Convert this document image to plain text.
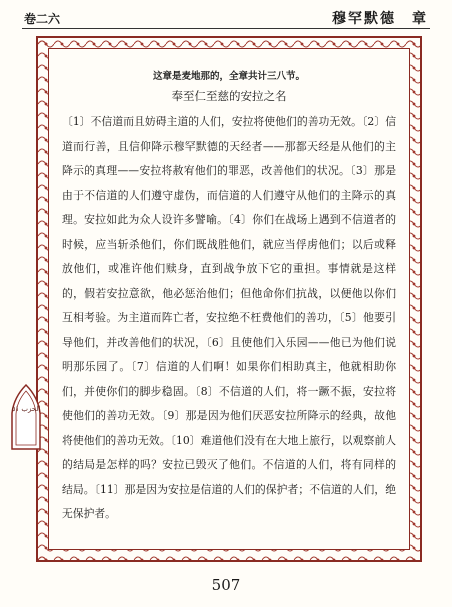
卷二六	穆罕默德　章
الحزب ٥١
这章是麦地那的，全章共计三八节。
奉至仁至慈的安拉之名
〔1〕不信道而且妨碍主道的人们，安拉将使他们的善功无效。〔2〕信道而行善，且信仰降示穆罕默德的天经者——那都天经是从他们的主降示的真理——安拉将赦宥他们的罪恶，改善他们的状况。〔3〕那是由于不信道的人们遵守虚伪，而信道的人们遵守从他们的主降示的真理。安拉如此为众人设许多譬喻。〔4〕你们在战场上遇到不信道者的时候，应当斩杀他们，你们既战胜他们，就应当俘虏他们；以后或释放他们，或准许他们赎身，直到战争放下它的重担。事情就是这样的，假若安拉意欲，他必惩治他们；但他命你们抗战，以便他以你们互相考验。为主道而阵亡者，安拉绝不枉费他们的善功，〔5〕他要引导他们，并改善他们的状况，〔6〕且使他们入乐园——他已为他们说明那乐园了。〔7〕信道的人们啊！如果你们相助真主，他就相助你们，并使你们的脚步稳固。〔8〕不信道的人们，将一蹶不振，安拉将使他们的善功无效。〔9〕那是因为他们厌恶安拉所降示的经典，故他将使他们的善功无效。〔10〕难道他们没有在大地上旅行，以观察前人的结局是怎样的吗？安拉已毁灭了他们。不信道的人们，将有同样的结局。〔11〕那是因为安拉是信道的人们的保护者；不信道的人们，绝无保护者。
507
